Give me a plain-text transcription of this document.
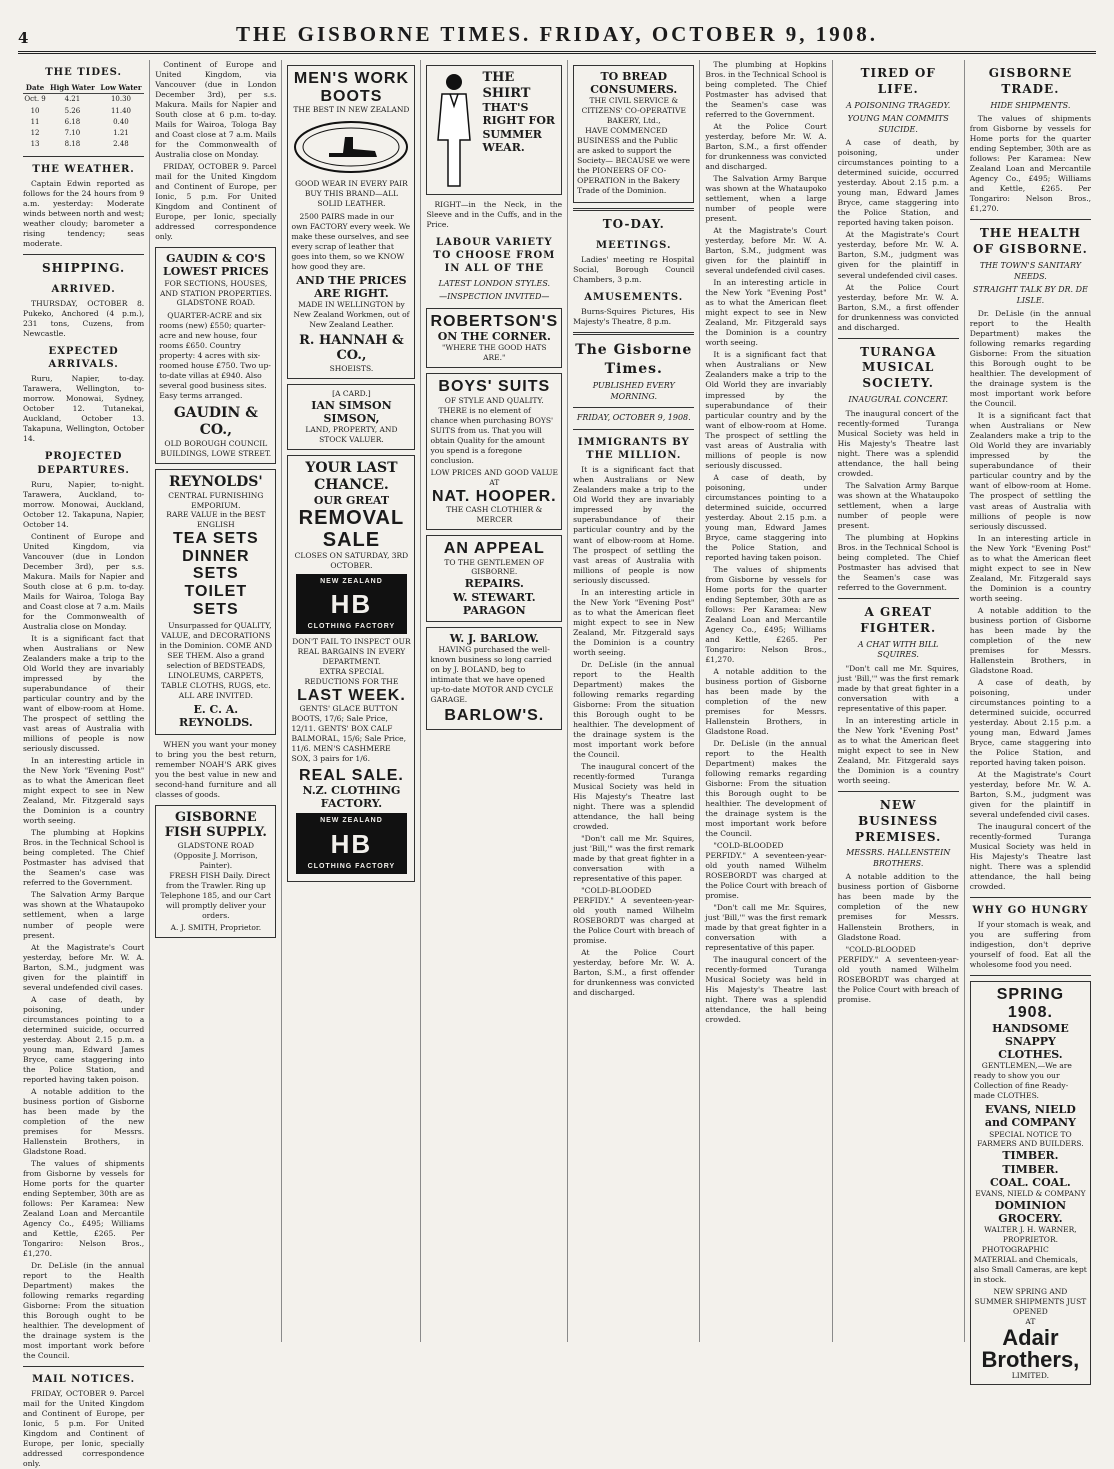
4	THE GISBORNE TIMES. FRIDAY, OCTOBER 9, 1908.
THE TIDES.
Date	High Water	Low Water
Oct. 9	4.21	10.30
10	5.26	11.40
11	6.18	0.40
12	7.10	1.21
13	8.18	2.48
THE WEATHER.

Captain Edwin reported as follows for the 24 hours from 9 a.m. yesterday: Moderate winds between north and west; weather cloudy; barometer a rising tendency; seas moderate.

SHIPPING.
ARRIVED.

THURSDAY, OCTOBER 8. Pukeko, Anchored (4 p.m.), 231 tons, Cuzens, from Newcastle.

EXPECTED ARRIVALS.

Ruru, Napier, to-day. Tarawera, Wellington, to-morrow. Monowai, Sydney, October 12. Tutanekai, Auckland, October 13. Takapuna, Wellington, October 14.

PROJECTED DEPARTURES.

Ruru, Napier, to-night. Tarawera, Auckland, to-morrow. Monowai, Auckland, October 12. Takapuna, Napier, October 14.

Continent of Europe and United Kingdom, via Vancouver (due in London December 3rd), per s.s. Makura. Mails for Napier and South close at 6 p.m. to-day. Mails for Wairoa, Tologa Bay and Coast close at 7 a.m. Mails for the Commonwealth of Australia close on Monday.

It is a significant fact that when Australians or New Zealanders make a trip to the Old World they are invariably impressed by the superabundance of their particular country and by the want of elbow-room at Home. The prospect of settling the vast areas of Australia with millions of people is now seriously discussed.

In an interesting article in the New York "Evening Post" as to what the American fleet might expect to see in New Zealand, Mr. Fitzgerald says the Dominion is a country worth seeing.

The plumbing at Hopkins Bros. in the Technical School is being completed. The Chief Postmaster has advised that the Seamen's case was referred to the Government.

The Salvation Army Barque was shown at the Whataupoko settlement, when a large number of people were present.

At the Magistrate's Court yesterday, before Mr. W. A. Barton, S.M., judgment was given for the plaintiff in several undefended civil cases.

A case of death, by poisoning, under circumstances pointing to a determined suicide, occurred yesterday. About 2.15 p.m. a young man, Edward James Bryce, came staggering into the Police Station, and reported having taken poison.

A notable addition to the business portion of Gisborne has been made by the completion of the new premises for Messrs. Hallenstein Brothers, in Gladstone Road.

The values of shipments from Gisborne by vessels for Home ports for the quarter ending September, 30th are as follows: Per Karamea: New Zealand Loan and Mercantile Agency Co., £495; Williams and Kettle, £265. Per Tongariro: Nelson Bros., £1,270.

Dr. DeLisle (in the annual report to the Health Department) makes the following remarks regarding Gisborne: From the situation this Borough ought to be healthier. The development of the drainage system is the most important work before the Council.

MAIL NOTICES.

FRIDAY, OCTOBER 9. Parcel mail for the United Kingdom and Continent of Europe, per Ionic, 5 p.m. For United Kingdom and Continent of Europe, per Ionic, specially addressed correspondence only.

Continent of Europe and United Kingdom, via Vancouver (due in London December 3rd), per s.s. Makura. Mails for Napier and South close at 6 p.m. to-day. Mails for Wairoa, Tologa Bay and Coast close at 7 a.m. Mails for the Commonwealth of Australia close on Monday.

FRIDAY, OCTOBER 9. Parcel mail for the United Kingdom and Continent of Europe, per Ionic, 5 p.m. For United Kingdom and Continent of Europe, per Ionic, specially addressed correspondence only.

GAUDIN & CO'S
LOWEST PRICES
FOR SECTIONS, HOUSES, AND STATION PROPERTIES.
GLADSTONE ROAD.

QUARTER-ACRE and six rooms (new) £550; quarter-acre and new house, four rooms £650. Country property: 4 acres with six-roomed house £750. Two up-to-date villas at £940. Also several good business sites. Easy terms arranged.

GAUDIN & CO.,
OLD BOROUGH COUNCIL BUILDINGS, LOWE STREET.
REYNOLDS'
CENTRAL FURNISHING EMPORIUM.
RARE VALUE in the BEST ENGLISH
TEA SETS
DINNER SETS
TOILET SETS

Unsurpassed for QUALITY, VALUE, and DECORATIONS in the Dominion. COME AND SEE THEM. Also a grand selection of BEDSTEADS, LINOLEUMS, CARPETS, TABLE CLOTHS, RUGS, etc. ALL ARE INVITED.

E. C. A. REYNOLDS.

WHEN you want your money to bring you the best return, remember NOAH'S ARK gives you the best value in new and second-hand furniture and all classes of goods.

GISBORNE FISH SUPPLY.
GLADSTONE ROAD (Opposite J. Morrison, Painter).

FRESH FISH Daily. Direct from the Trawler. Ring up Telephone 185, and our Cart will promptly deliver your orders.

A. J. SMITH, Proprietor.
MEN'S WORK BOOTS
THE BEST IN NEW ZEALAND
GOOD WEAR IN EVERY PAIR
BUY THIS BRAND—ALL SOLID LEATHER.

2500 PAIRS made in our own FACTORY every week. We make these ourselves, and see every scrap of leather that goes into them, so we KNOW how good they are.

AND THE PRICES ARE RIGHT.
MADE IN WELLINGTON by New Zealand Workmen, out of New Zealand Leather.
R. HANNAH & CO.,
SHOEISTS.
[A CARD.]
IAN SIMSON SIMSON,
LAND, PROPERTY, AND STOCK VALUER.
YOUR LAST CHANCE.
OUR GREAT
REMOVAL SALE
CLOSES ON SATURDAY, 3RD OCTOBER.
NEW ZEALAND
HB
CLOTHING FACTORY
DON'T FAIL TO INSPECT OUR REAL BARGAINS IN EVERY DEPARTMENT.
EXTRA SPECIAL REDUCTIONS FOR THE
LAST WEEK.

GENTS' GLACE BUTTON BOOTS, 17/6; Sale Price, 12/11. GENTS' BOX CALF BALMORAL, 15/6; Sale Price, 11/6. MEN'S CASHMERE SOX, 3 pairs for 1/6.

REAL SALE.
N.Z. CLOTHING FACTORY.
NEW ZEALAND
HB
CLOTHING FACTORY
THE SHIRT
THAT'S RIGHT FOR SUMMER WEAR.

RIGHT—in the Neck, in the Sleeve and in the Cuffs, and in the Price.

LABOUR VARIETY TO CHOOSE FROM IN ALL OF THE
LATEST LONDON STYLES.
—INSPECTION INVITED—
ROBERTSON'S
ON THE CORNER.
"WHERE THE GOOD HATS ARE."
BOYS' SUITS
OF STYLE AND QUALITY.

THERE is no element of chance when purchasing BOYS' SUITS from us. That you will obtain Quality for the amount you spend is a foregone conclusion.

LOW PRICES AND GOOD VALUE AT
NAT. HOOPER.
THE CASH CLOTHIER & MERCER
AN APPEAL
TO THE GENTLEMEN OF GISBORNE.
REPAIRS.
W. STEWART. PARAGON
W. J. BARLOW.

HAVING purchased the well-known business so long carried on by J. BOLAND, beg to intimate that we have opened up-to-date MOTOR AND CYCLE GARAGE.

BARLOW'S.
TO BREAD CONSUMERS.
THE CIVIL SERVICE & CITIZENS' CO-OPERATIVE BAKERY, Ltd.,

HAVE COMMENCED BUSINESS and the Public are asked to support the Society— BECAUSE we were the PIONEERS OF CO-OPERATION in the Bakery Trade of the Dominion.

TO-DAY.
MEETINGS.

Ladies' meeting re Hospital Social, Borough Council Chambers, 3 p.m.

AMUSEMENTS.

Burns-Squires Pictures, His Majesty's Theatre, 8 p.m.

The Gisborne Times.
PUBLISHED EVERY MORNING.
FRIDAY, OCTOBER 9, 1908.
IMMIGRANTS BY THE MILLION.

It is a significant fact that when Australians or New Zealanders make a trip to the Old World they are invariably impressed by the superabundance of their particular country and by the want of elbow-room at Home. The prospect of settling the vast areas of Australia with millions of people is now seriously discussed.

In an interesting article in the New York "Evening Post" as to what the American fleet might expect to see in New Zealand, Mr. Fitzgerald says the Dominion is a country worth seeing.

Dr. DeLisle (in the annual report to the Health Department) makes the following remarks regarding Gisborne: From the situation this Borough ought to be healthier. The development of the drainage system is the most important work before the Council.

The inaugural concert of the recently-formed Turanga Musical Society was held in His Majesty's Theatre last night. There was a splendid attendance, the hall being crowded.

"Don't call me Mr. Squires, just 'Bill,'" was the first remark made by that great fighter in a conversation with a representative of this paper.

"COLD-BLOODED PERFIDY." A seventeen-year-old youth named Wilhelm ROSEBORDT was charged at the Police Court with breach of promise.

At the Police Court yesterday, before Mr. W. A. Barton, S.M., a first offender for drunkenness was convicted and discharged.

The plumbing at Hopkins Bros. in the Technical School is being completed. The Chief Postmaster has advised that the Seamen's case was referred to the Government.

At the Police Court yesterday, before Mr. W. A. Barton, S.M., a first offender for drunkenness was convicted and discharged.

The Salvation Army Barque was shown at the Whataupoko settlement, when a large number of people were present.

At the Magistrate's Court yesterday, before Mr. W. A. Barton, S.M., judgment was given for the plaintiff in several undefended civil cases.

In an interesting article in the New York "Evening Post" as to what the American fleet might expect to see in New Zealand, Mr. Fitzgerald says the Dominion is a country worth seeing.

It is a significant fact that when Australians or New Zealanders make a trip to the Old World they are invariably impressed by the superabundance of their particular country and by the want of elbow-room at Home. The prospect of settling the vast areas of Australia with millions of people is now seriously discussed.

A case of death, by poisoning, under circumstances pointing to a determined suicide, occurred yesterday. About 2.15 p.m. a young man, Edward James Bryce, came staggering into the Police Station, and reported having taken poison.

The values of shipments from Gisborne by vessels for Home ports for the quarter ending September, 30th are as follows: Per Karamea: New Zealand Loan and Mercantile Agency Co., £495; Williams and Kettle, £265. Per Tongariro: Nelson Bros., £1,270.

A notable addition to the business portion of Gisborne has been made by the completion of the new premises for Messrs. Hallenstein Brothers, in Gladstone Road.

Dr. DeLisle (in the annual report to the Health Department) makes the following remarks regarding Gisborne: From the situation this Borough ought to be healthier. The development of the drainage system is the most important work before the Council.

"COLD-BLOODED PERFIDY." A seventeen-year-old youth named Wilhelm ROSEBORDT was charged at the Police Court with breach of promise.

"Don't call me Mr. Squires, just 'Bill,'" was the first remark made by that great fighter in a conversation with a representative of this paper.

The inaugural concert of the recently-formed Turanga Musical Society was held in His Majesty's Theatre last night. There was a splendid attendance, the hall being crowded.

TIRED OF LIFE.
A POISONING TRAGEDY.
YOUNG MAN COMMITS SUICIDE.

A case of death, by poisoning, under circumstances pointing to a determined suicide, occurred yesterday. About 2.15 p.m. a young man, Edward James Bryce, came staggering into the Police Station, and reported having taken poison.

At the Magistrate's Court yesterday, before Mr. W. A. Barton, S.M., judgment was given for the plaintiff in several undefended civil cases.

At the Police Court yesterday, before Mr. W. A. Barton, S.M., a first offender for drunkenness was convicted and discharged.

TURANGA MUSICAL SOCIETY.
INAUGURAL CONCERT.

The inaugural concert of the recently-formed Turanga Musical Society was held in His Majesty's Theatre last night. There was a splendid attendance, the hall being crowded.

The Salvation Army Barque was shown at the Whataupoko settlement, when a large number of people were present.

The plumbing at Hopkins Bros. in the Technical School is being completed. The Chief Postmaster has advised that the Seamen's case was referred to the Government.

A GREAT FIGHTER.
A CHAT WITH BILL SQUIRES.

"Don't call me Mr. Squires, just 'Bill,'" was the first remark made by that great fighter in a conversation with a representative of this paper.

In an interesting article in the New York "Evening Post" as to what the American fleet might expect to see in New Zealand, Mr. Fitzgerald says the Dominion is a country worth seeing.

NEW BUSINESS PREMISES.
MESSRS. HALLENSTEIN BROTHERS.

A notable addition to the business portion of Gisborne has been made by the completion of the new premises for Messrs. Hallenstein Brothers, in Gladstone Road.

"COLD-BLOODED PERFIDY." A seventeen-year-old youth named Wilhelm ROSEBORDT was charged at the Police Court with breach of promise.

GISBORNE TRADE.
HIDE SHIPMENTS.

The values of shipments from Gisborne by vessels for Home ports for the quarter ending September, 30th are as follows: Per Karamea: New Zealand Loan and Mercantile Agency Co., £495; Williams and Kettle, £265. Per Tongariro: Nelson Bros., £1,270.

THE HEALTH OF GISBORNE.
THE TOWN'S SANITARY NEEDS.
STRAIGHT TALK BY DR. DE LISLE.

Dr. DeLisle (in the annual report to the Health Department) makes the following remarks regarding Gisborne: From the situation this Borough ought to be healthier. The development of the drainage system is the most important work before the Council.

It is a significant fact that when Australians or New Zealanders make a trip to the Old World they are invariably impressed by the superabundance of their particular country and by the want of elbow-room at Home. The prospect of settling the vast areas of Australia with millions of people is now seriously discussed.

In an interesting article in the New York "Evening Post" as to what the American fleet might expect to see in New Zealand, Mr. Fitzgerald says the Dominion is a country worth seeing.

A notable addition to the business portion of Gisborne has been made by the completion of the new premises for Messrs. Hallenstein Brothers, in Gladstone Road.

A case of death, by poisoning, under circumstances pointing to a determined suicide, occurred yesterday. About 2.15 p.m. a young man, Edward James Bryce, came staggering into the Police Station, and reported having taken poison.

At the Magistrate's Court yesterday, before Mr. W. A. Barton, S.M., judgment was given for the plaintiff in several undefended civil cases.

The inaugural concert of the recently-formed Turanga Musical Society was held in His Majesty's Theatre last night. There was a splendid attendance, the hall being crowded.

WHY GO HUNGRY

If your stomach is weak, and you are suffering from indigestion, don't deprive yourself of food. Eat all the wholesome food you need.

SPRING 1908.
HANDSOME SNAPPY CLOTHES.

GENTLEMEN,—We are ready to show you our Collection of fine Ready-made CLOTHES.

EVANS, NIELD and COMPANY
SPECIAL NOTICE TO FARMERS AND BUILDERS.
TIMBER. TIMBER.
COAL. COAL.
EVANS, NIELD & COMPANY
DOMINION GROCERY.
WALTER J. H. WARNER, PROPRIETOR.

PHOTOGRAPHIC MATERIAL and Chemicals, also Small Cameras, are kept in stock.

NEW SPRING AND SUMMER SHIPMENTS JUST OPENED
AT
Adair Brothers,
LIMITED.
